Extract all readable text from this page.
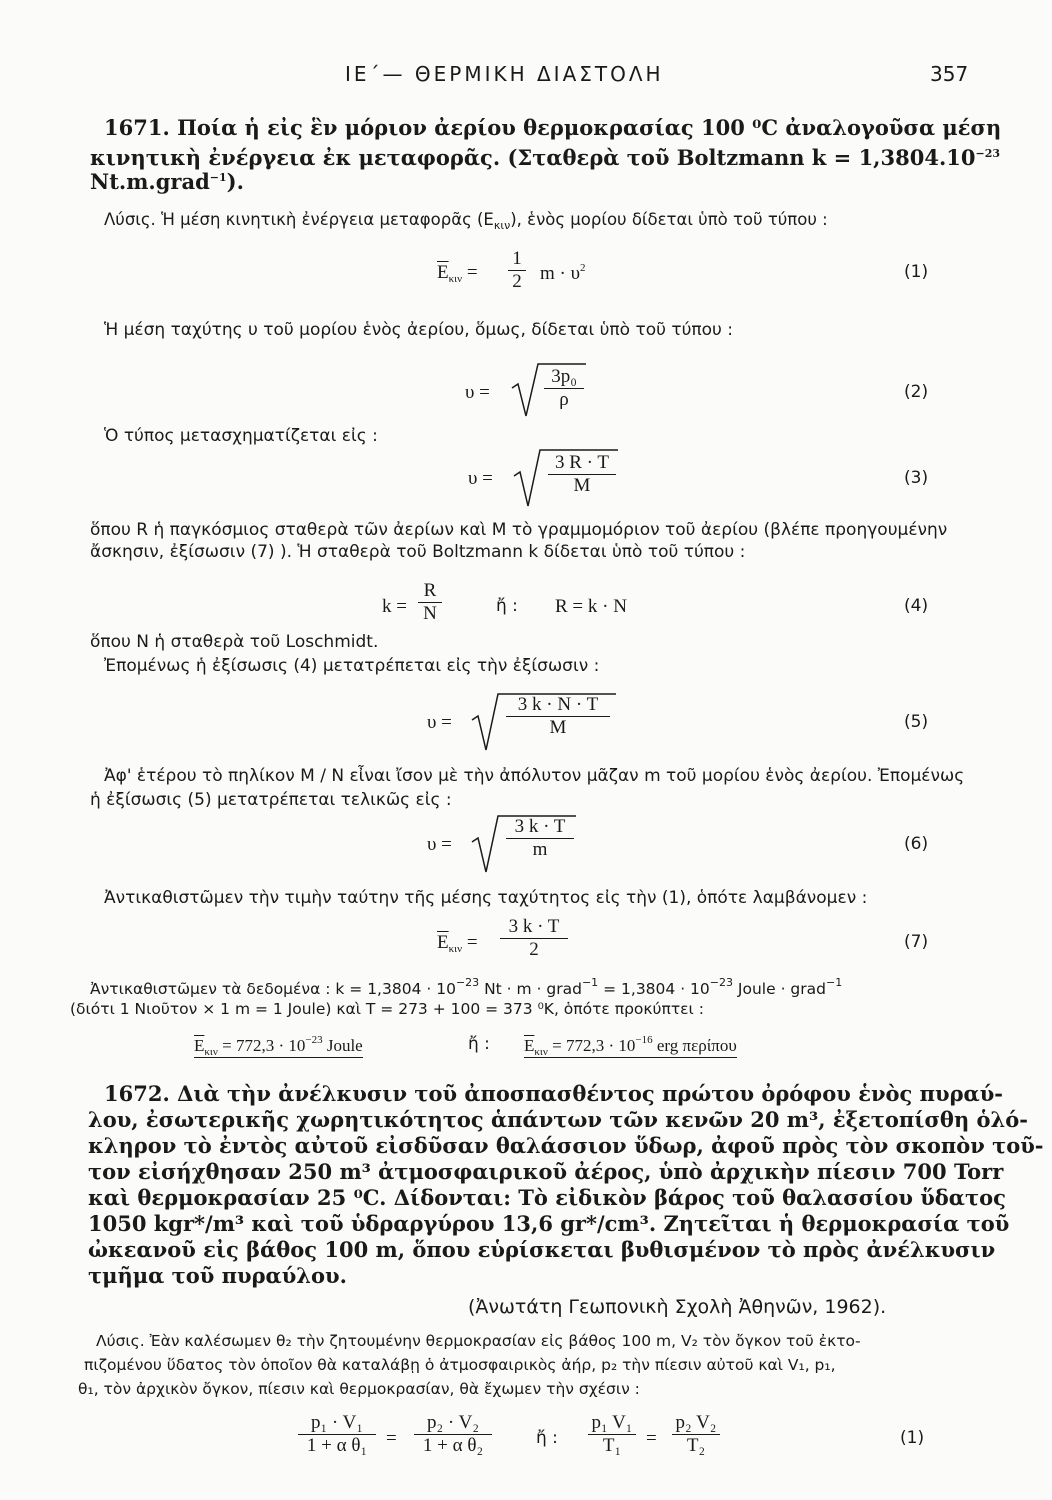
ΙΕ΄— ΘΕΡΜΙΚΗ ΔΙΑΣΤΟΛΗ	357
1671. Ποία ἡ εἰς ἓν μόριον ἀερίου θερμοκρασίας 100 ⁰C ἀναλογοῦσα μέση
κινητικὴ ἐνέργεια ἐκ μεταφορᾶς. (Σταθερὰ τοῦ Boltzmann $k = 1,3804.10^{-23}$
Nt.m.grad$^{-1}$).
Λύσις. Ἡ μέση κινητικὴ ἐνέργεια μεταφορᾶς $(E_{\kappa\iota\nu})$, ἑνὸς μορίου δίδεται ὑπὸ τοῦ τύπου :
$\overline{E}_{\kappa\iota\nu} = \frac{1}{2}$ $m \cdot \upsilon^2$	(1)
Ἡ μέση ταχύτης υ τοῦ μορίου ἑνὸς ἀερίου, ὅμως, δίδεται ὑπὸ τοῦ τύπου :
υ =	$\frac{\text{3p₀}}{\rho}$	(2)
Ὁ τύπος μετασχηματίζεται εἰς :
υ =	$\frac{3 R \cdot T}{M}$	(3)
ὅπου R ἡ παγκόσμιος σταθερὰ τῶν ἀερίων καὶ M τὸ γραμμομόριον τοῦ ἀερίου (βλέπε προηγουμένην
ἄσκησιν, ἐξίσωσιν (7) ). Ἡ σταθερὰ τοῦ Boltzmann k δίδεται ὑπὸ τοῦ τύπου :
$k = \frac{R}{N}$	ἤ : R = k · N	(4)
ὅπου N ἡ σταθερὰ τοῦ Loschmidt.
Ἐπομένως ἡ ἐξίσωσις (4) μετατρέπεται εἰς τὴν ἐξίσωσιν :
υ =	$\frac{3 k \cdot N \cdot T}{M}$	(5)
Ἀφ' ἑτέρου τὸ πηλίκον M / N εἶναι ἴσον μὲ τὴν ἀπόλυτον μᾶζαν m τοῦ μορίου ἑνὸς ἀερίου. Ἐπομένως
ἡ ἐξίσωσις (5) μετατρέπεται τελικῶς εἰς :
υ =	$\frac{3 k \cdot T}{m}$	(6)
Ἀντικαθιστῶμεν τὴν τιμὴν ταύτην τῆς μέσης ταχύτητος εἰς τὴν (1), ὁπότε λαμβάνομεν :
$\overline{E}_{\kappa\iota\nu} = \frac{3 k \cdot T}{2}$	(7)
Ἀντικαθιστῶμεν τὰ δεδομένα : $k = 1,3804 \cdot 10^{-23}$ Nt · m · grad$^{-1}$ = $1,3804 \cdot 10^{-23}$ Joule · grad$^{-1}$
(διότι 1 Νιοῦτον × 1 m = 1 Joule) καὶ T = 273 + 100 = 373 ⁰K, ὁπότε προκύπτει :
$\overline{E}_{\kappa\iota\nu} = 772,3 \cdot 10^{-23}$ Joule	ἤ : $\overline{E}_{\kappa\iota\nu} = 772,3 \cdot 10^{-16}$ erg περίπου
1672. Διὰ τὴν ἀνέλκυσιν τοῦ ἀποσπασθέντος πρώτου ὀρόφου ἑνὸς πυραύ-
λου, ἐσωτερικῆς χωρητικότητος ἁπάντων τῶν κενῶν 20 m³, ἐξετοπίσθη ὁλό-
κληρον τὸ ἐντὸς αὐτοῦ εἰσδῦσαν θαλάσσιον ὕδωρ, ἀφοῦ πρὸς τὸν σκοπὸν τοῦ-
τον εἰσήχθησαν 250 m³ ἀτμοσφαιρικοῦ ἀέρος, ὑπὸ ἀρχικὴν πίεσιν 700 Torr
καὶ θερμοκρασίαν 25 ⁰C. Δίδονται: Τὸ εἰδικὸν βάρος τοῦ θαλασσίου ὕδατος
1050 kgr*/m³ καὶ τοῦ ὑδραργύρου 13,6 gr*/cm³. Ζητεῖται ἡ θερμοκρασία τοῦ
ὠκεανοῦ εἰς βάθος 100 m, ὅπου εὑρίσκεται βυθισμένον τὸ πρὸς ἀνέλκυσιν
τμῆμα τοῦ πυραύλου.
(Ἀνωτάτη Γεωπονικὴ Σχολὴ Ἀθηνῶν, 1962).
Λύσις. Ἐὰν καλέσωμεν θ₂ τὴν ζητουμένην θερμοκρασίαν εἰς βάθος 100 m, V₂ τὸν ὄγκον τοῦ ἐκτο-
πιζομένου ὕδατος τὸν ὁποῖον θὰ καταλάβῃ ὁ ἀτμοσφαιρικὸς ἀήρ, p₂ τὴν πίεσιν αὐτοῦ καὶ V₁, p₁,
θ₁, τὸν ἀρχικὸν ὄγκον, πίεσιν καὶ θερμοκρασίαν, θὰ ἔχωμεν τὴν σχέσιν :
$\frac{\text{p₁ · V₁}}{\text{1 + α θ₁}} = \frac{\text{p₂ · V₂}}{\text{1 + α θ₂}}$	ἤ : $\frac{\text{p₁ V₁}}{\text{T₁}} = \frac{\text{p₂ V₂}}{\text{T₂}}$	(1)
